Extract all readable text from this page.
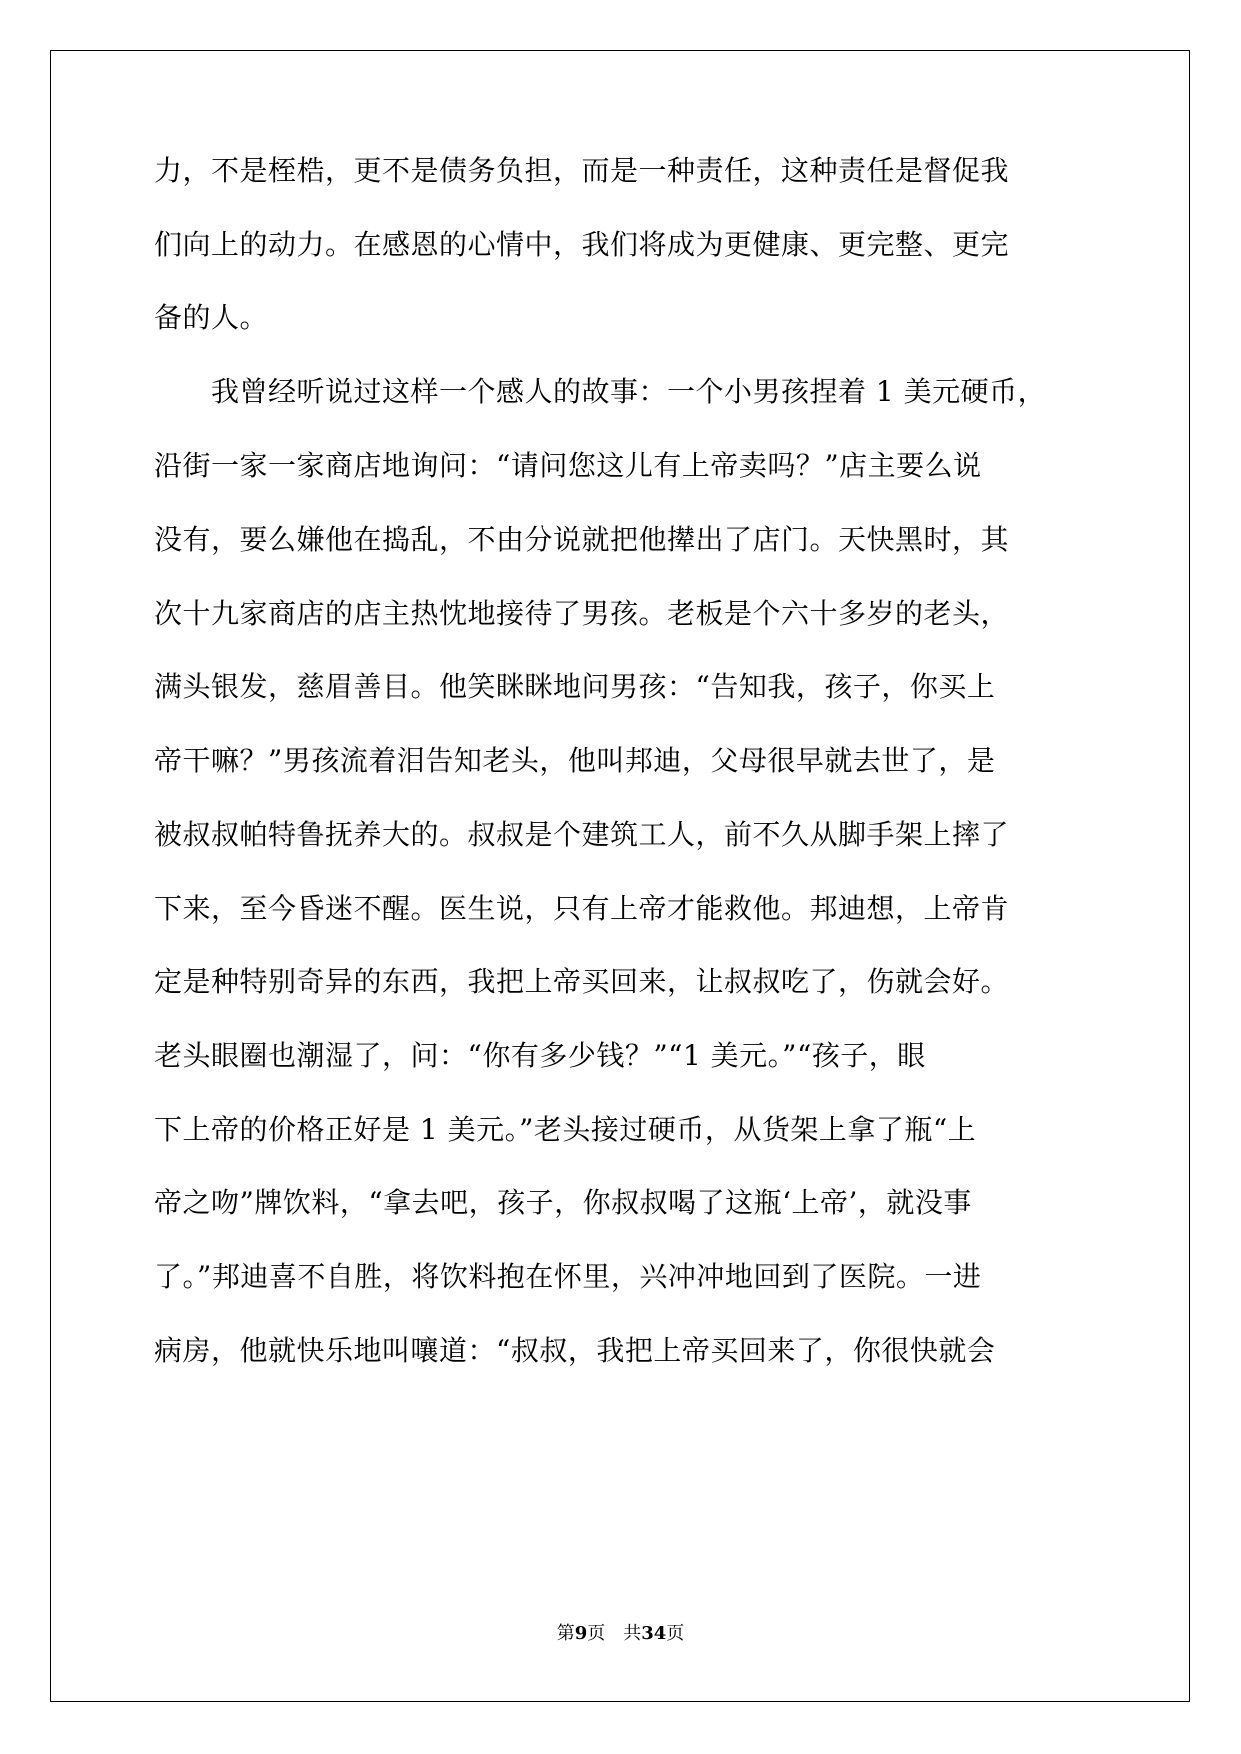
力，不是桎梏，更不是债务负担，而是一种责任，这种责任是督促我
们向上的动力。在感恩的心情中，我们将成为更健康、更完整、更完
备的人。
　　我曾经听说过这样一个感人的故事：一个小男孩捏着 1 美元硬币，
沿街一家一家商店地询问：“请问您这儿有上帝卖吗？”店主要么说
没有，要么嫌他在捣乱，不由分说就把他撵出了店门。天快黑时，其
次十九家商店的店主热忱地接待了男孩。老板是个六十多岁的老头，
满头银发，慈眉善目。他笑眯眯地问男孩：“告知我，孩子，你买上
帝干嘛？”男孩流着泪告知老头，他叫邦迪，父母很早就去世了，是
被叔叔帕特鲁抚养大的。叔叔是个建筑工人，前不久从脚手架上摔了
下来，至今昏迷不醒。医生说，只有上帝才能救他。邦迪想，上帝肯
定是种特别奇异的东西，我把上帝买回来，让叔叔吃了，伤就会好。
老头眼圈也潮湿了，问：“你有多少钱？”“1 美元。”“孩子，眼
下上帝的价格正好是 1 美元。”老头接过硬币，从货架上拿了瓶“上
帝之吻”牌饮料，“拿去吧，孩子，你叔叔喝了这瓶‘上帝’，就没事
了。”邦迪喜不自胜，将饮料抱在怀里，兴冲冲地回到了医院。一进
病房，他就快乐地叫嚷道：“叔叔，我把上帝买回来了，你很快就会
第9页　共34页
